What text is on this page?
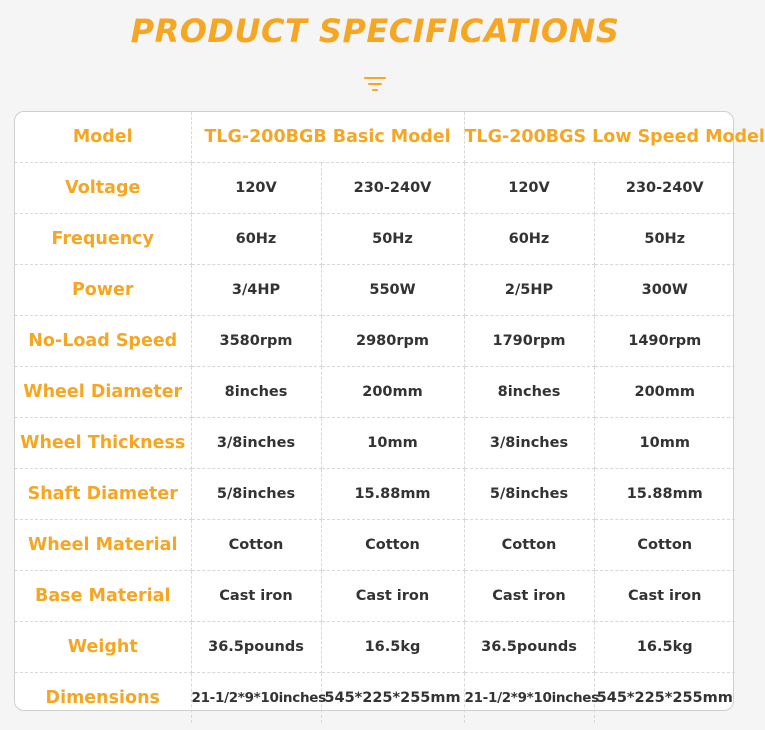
PRODUCT SPECIFICATIONS
Model	TLG-200BGB Basic Model		TLG-200BGS Low Speed Model	
Voltage	120V	230-240V	120V	230-240V
Frequency	60Hz	50Hz	60Hz	50Hz
Power	3/4HP	550W	2/5HP	300W
No-Load Speed	3580rpm	2980rpm	1790rpm	1490rpm
Wheel Diameter	8inches	200mm	8inches	200mm
Wheel Thickness	3/8inches	10mm	3/8inches	10mm
Shaft Diameter	5/8inches	15.88mm	5/8inches	15.88mm
Wheel Material	Cotton	Cotton	Cotton	Cotton
Base Material	Cast iron	Cast iron	Cast iron	Cast iron
Weight	36.5pounds	16.5kg	36.5pounds	16.5kg
Dimensions	21-1/2*9*10inches	545*225*255mm	21-1/2*9*10inches	545*225*255mm
